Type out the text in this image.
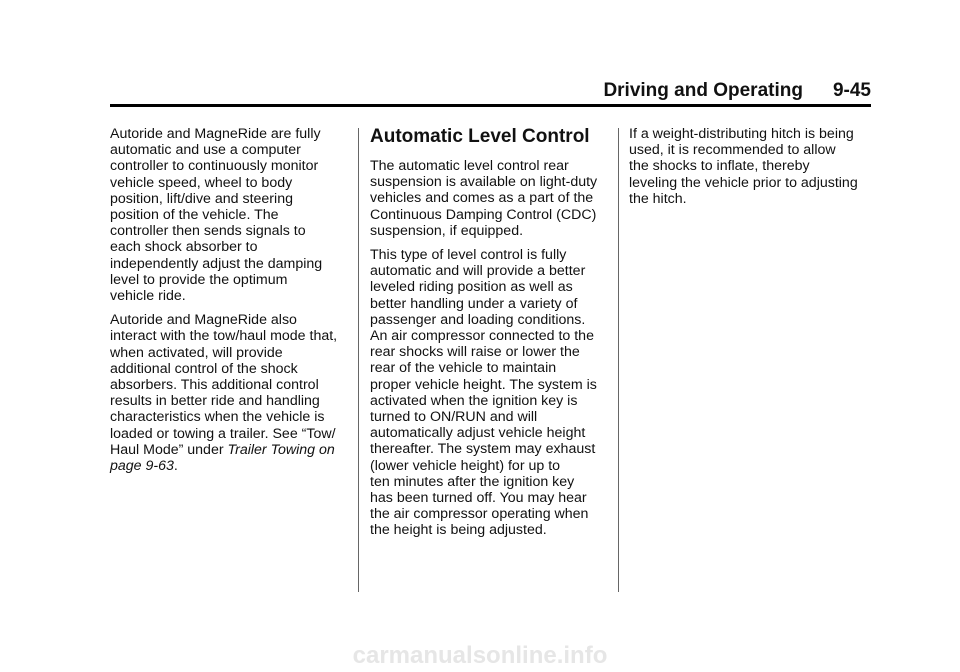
Driving and Operating 9-45

Autoride and MagneRide are fully
automatic and use a computer
controller to continuously monitor
vehicle speed, wheel to body
position, lift/dive and steering
position of the vehicle. The
controller then sends signals to
each shock absorber to
independently adjust the damping
level to provide the optimum
vehicle ride.

Autoride and MagneRide also
interact with the tow/haul mode that,
when activated, will provide
additional control of the shock
absorbers. This additional control
results in better ride and handling
characteristics when the vehicle is
loaded or towing a trailer. See “Tow/
Haul Mode” under Trailer Towing on
page 9-63.

Automatic Level Control

The automatic level control rear
suspension is available on light-duty
vehicles and comes as a part of the
Continuous Damping Control (CDC)
suspension, if equipped.

This type of level control is fully
automatic and will provide a better
leveled riding position as well as
better handling under a variety of
passenger and loading conditions.
An air compressor connected to the
rear shocks will raise or lower the
rear of the vehicle to maintain
proper vehicle height. The system is
activated when the ignition key is
turned to ON/RUN and will
automatically adjust vehicle height
thereafter. The system may exhaust
(lower vehicle height) for up to
ten minutes after the ignition key
has been turned off. You may hear
the air compressor operating when
the height is being adjusted.

If a weight-distributing hitch is being
used, it is recommended to allow
the shocks to inflate, thereby
leveling the vehicle prior to adjusting
the hitch.

carmanualsonline.info
